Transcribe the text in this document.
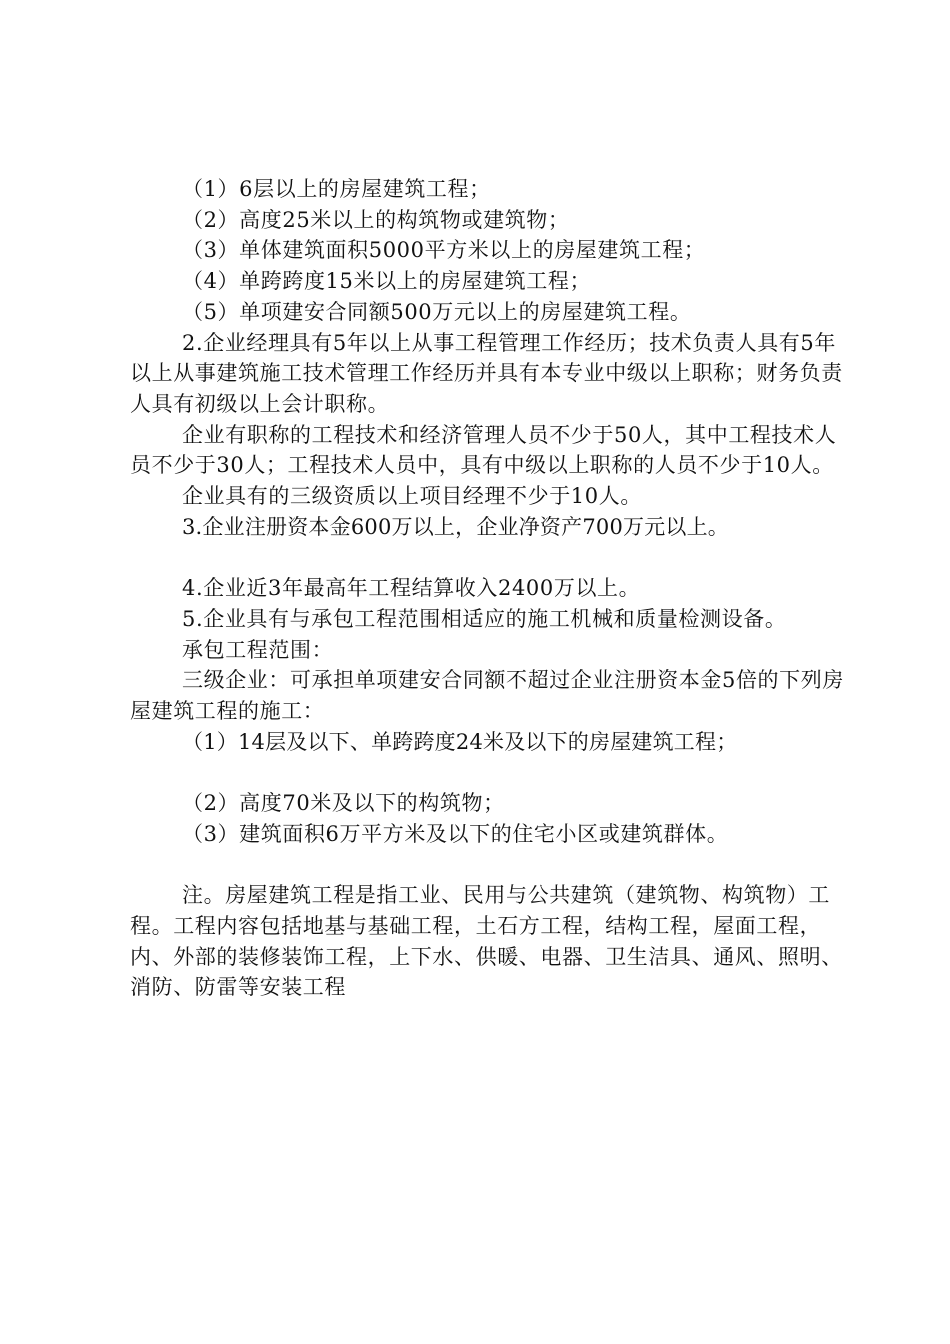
（1）6层以上的房屋建筑工程；

（2）高度25米以上的构筑物或建筑物；

（3）单体建筑面积5000平方米以上的房屋建筑工程；

（4）单跨跨度15米以上的房屋建筑工程；

（5）单项建安合同额500万元以上的房屋建筑工程。

2.企业经理具有5年以上从事工程管理工作经历；技术负责人具有5年以上从事建筑施工技术管理工作经历并具有本专业中级以上职称；财务负责人具有初级以上会计职称。

企业有职称的工程技术和经济管理人员不少于50人，其中工程技术人员不少于30人；工程技术人员中，具有中级以上职称的人员不少于10人。

企业具有的三级资质以上项目经理不少于10人。

3.企业注册资本金600万以上，企业净资产700万元以上。

4.企业近3年最高年工程结算收入2400万以上。

5.企业具有与承包工程范围相适应的施工机械和质量检测设备。

承包工程范围：

三级企业：可承担单项建安合同额不超过企业注册资本金5倍的下列房屋建筑工程的施工：

（1）14层及以下、单跨跨度24米及以下的房屋建筑工程；

（2）高度70米及以下的构筑物；

（3）建筑面积6万平方米及以下的住宅小区或建筑群体。

注。房屋建筑工程是指工业、民用与公共建筑（建筑物、构筑物）工程。工程内容包括地基与基础工程，土石方工程，结构工程，屋面工程，内、外部的装修装饰工程，上下水、供暖、电器、卫生洁具、通风、照明、消防、防雷等安装工程
